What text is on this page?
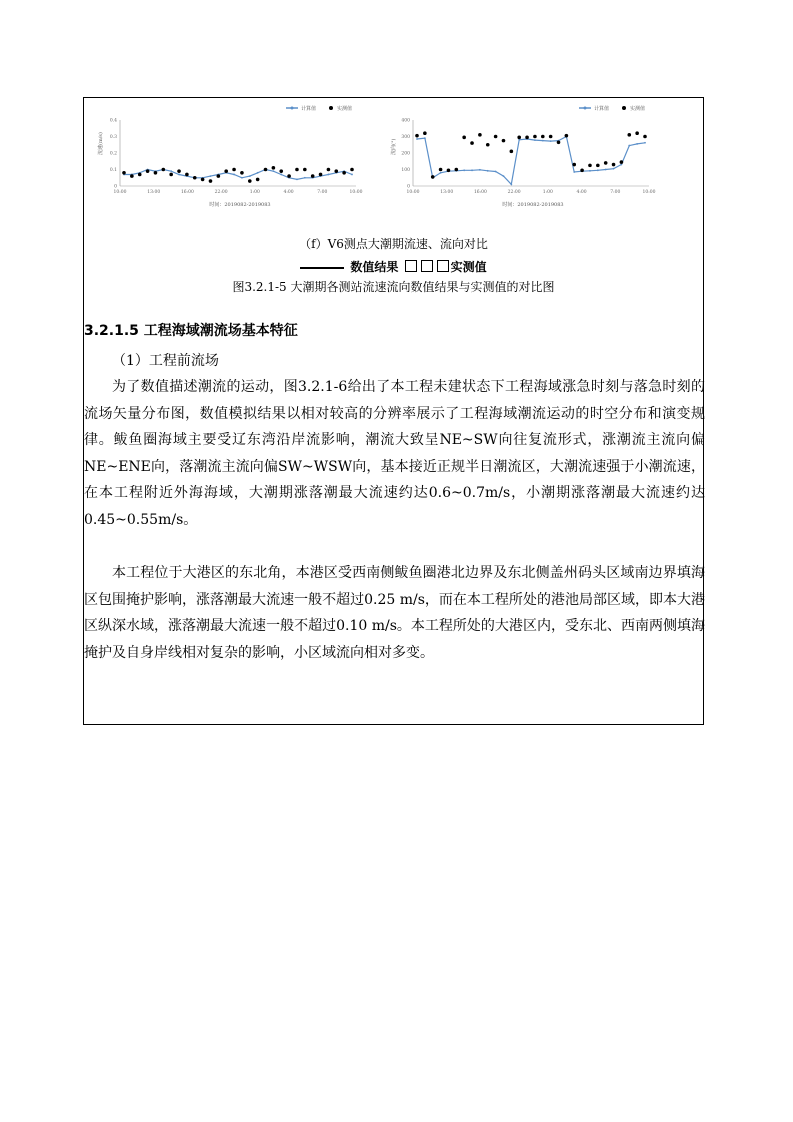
计算值	实测值
流速(m/s)
时间：2019082-2019083
0.4
0.3
0.2
0.1
0
10:00	13:00	16:00	22:00	1:00	4:00	7:00	10:00
计算值	实测值
流向(°)
时间：2019082-2019083
400
300
200
100
0
10:00	13:00	16:00	22:00	1:00	4:00	7:00	10:00
（f）V6测点大潮期流速、流向对比
数值结果	实测值
图3.2.1-5 大潮期各测站流速流向数值结果与实测值的对比图
3.2.1.5 工程海域潮流场基本特征
（1）工程前流场

为了数值描述潮流的运动，图3.2.1-6给出了本工程未建状态下工程海域涨急时刻与落急时刻的流场矢量分布图，数值模拟结果以相对较高的分辨率展示了工程海域潮流运动的时空分布和演变规律。鲅鱼圈海域主要受辽东湾沿岸流影响，潮流大致呈NE~SW向往复流形式，涨潮流主流向偏NE~ENE向，落潮流主流向偏SW~WSW向，基本接近正规半日潮流区，大潮流速强于小潮流速，在本工程附近外海海域，大潮期涨落潮最大流速约达0.6~0.7m/s，小潮期涨落潮最大流速约达0.45~0.55m/s。

本工程位于大港区的东北角，本港区受西南侧鲅鱼圈港北边界及东北侧盖州码头区域南边界填海区包围掩护影响，涨落潮最大流速一般不超过0.25 m/s，而在本工程所处的港池局部区域，即本大港区纵深水域，涨落潮最大流速一般不超过0.10 m/s。本工程所处的大港区内，受东北、西南两侧填海掩护及自身岸线相对复杂的影响，小区域流向相对多变。
